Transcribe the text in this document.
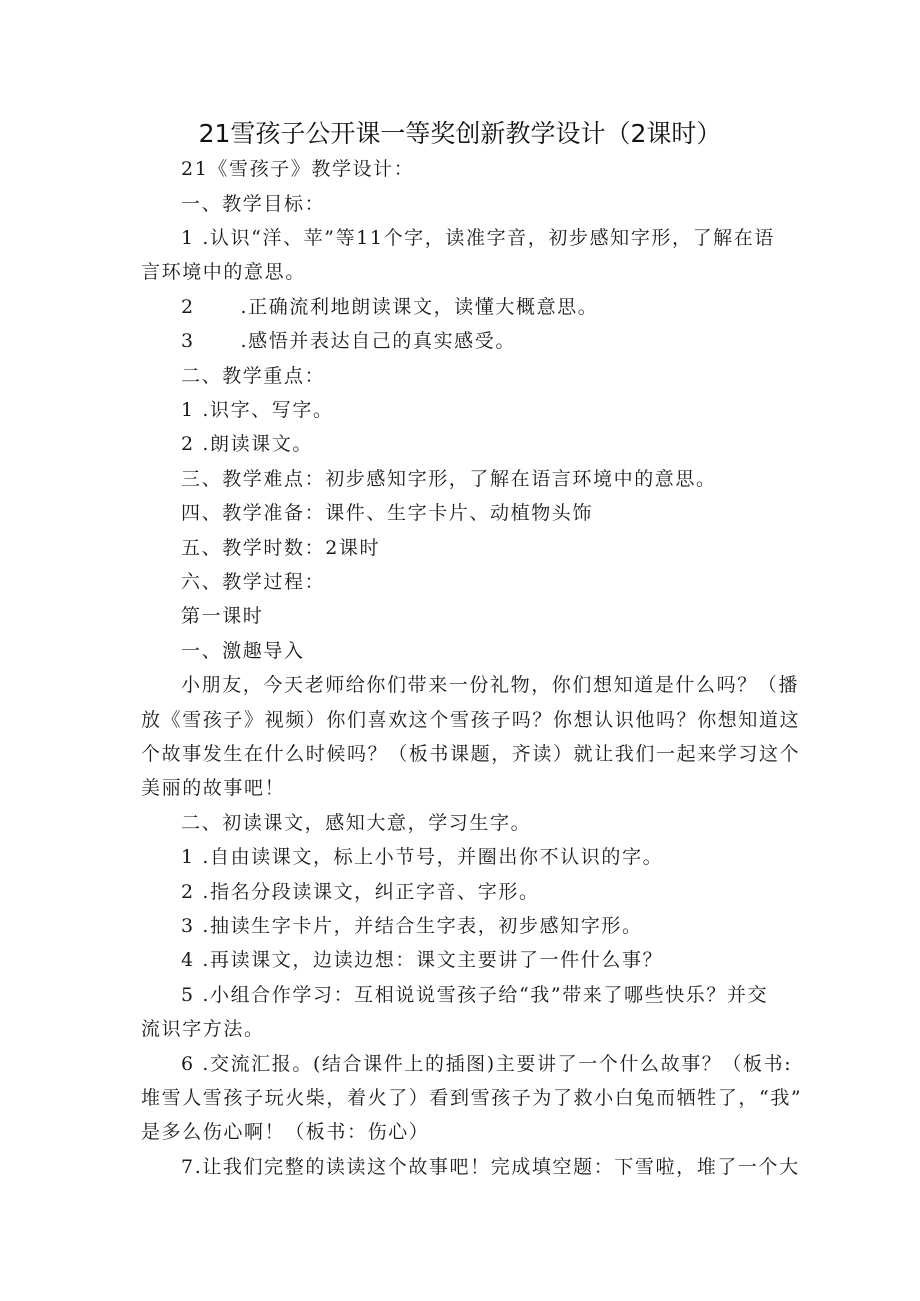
21雪孩子公开课一等奖创新教学设计（2课时）
21《雪孩子》教学设计：
一、教学目标：
1 .认识“洋、苹”等11个字，读准字音，初步感知字形，了解在语
言环境中的意思。
2      .正确流利地朗读课文，读懂大概意思。
3      .感悟并表达自己的真实感受。
二、教学重点：
1 .识字、写字。
2 .朗读课文。
三、教学难点：初步感知字形，了解在语言环境中的意思。
四、教学准备：课件、生字卡片、动植物头饰
五、教学时数：2课时
六、教学过程：
第一课时
一、激趣导入
小朋友，今天老师给你们带来一份礼物，你们想知道是什么吗？（播
放《雪孩子》视频）你们喜欢这个雪孩子吗？你想认识他吗？你想知道这
个故事发生在什么时候吗？（板书课题，齐读）就让我们一起来学习这个
美丽的故事吧！
二、初读课文，感知大意，学习生字。
1 .自由读课文，标上小节号，并圈出你不认识的字。
2 .指名分段读课文，纠正字音、字形。
3 .抽读生字卡片，并结合生字表，初步感知字形。
4 .再读课文，边读边想：课文主要讲了一件什么事？
5 .小组合作学习：互相说说雪孩子给“我”带来了哪些快乐？并交
流识字方法。
6 .交流汇报。(结合课件上的插图)主要讲了一个什么故事？（板书:
堆雪人雪孩子玩火柴，着火了）看到雪孩子为了救小白兔而牺牲了，“我”
是多么伤心啊！（板书：伤心）
7.让我们完整的读读这个故事吧！完成填空题：下雪啦，堆了一个大
